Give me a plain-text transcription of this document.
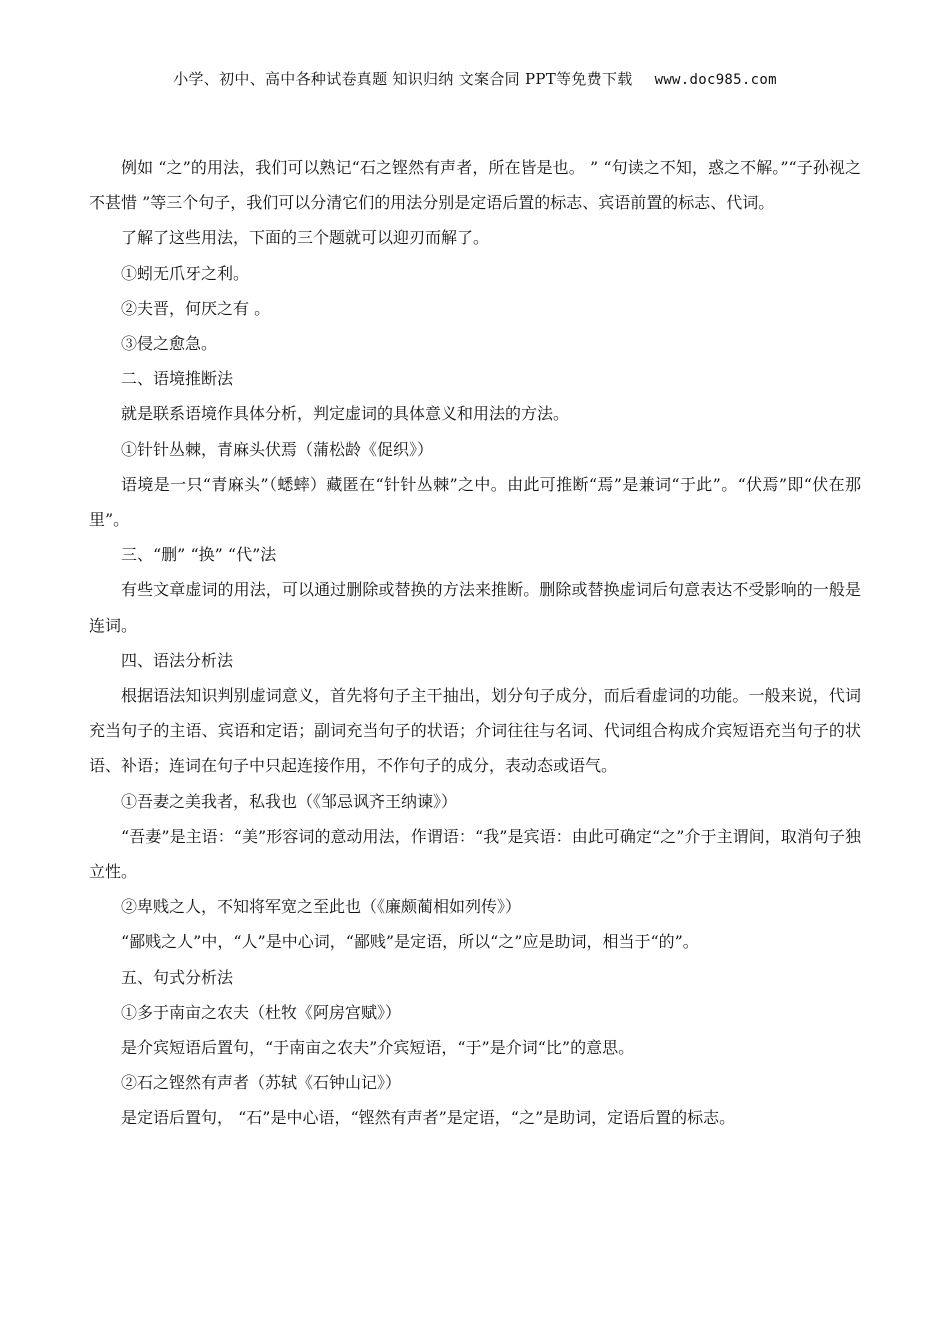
小学、初中、高中各种试卷真题 知识归纳 文案合同 PPT等免费下载 www.doc985.com

例如 “之”的用法，我们可以熟记“石之铿然有声者，所在皆是也。 ” “句读之不知，惑之不解。”“子孙视之不甚惜 ”等三个句子，我们可以分清它们的用法分别是定语后置的标志、宾语前置的标志、代词。

了解了这些用法，下面的三个题就可以迎刃而解了。

①蚓无爪牙之利。

②夫晋，何厌之有 。

③侵之愈急。

二、语境推断法

就是联系语境作具体分析，判定虚词的具体意义和用法的方法。

①针针丛棘，青麻头伏焉（蒲松龄《促织》）

语境是一只“青麻头”（蟋蟀）藏匿在“针针丛棘”之中。由此可推断“焉”是兼词“于此”。“伏焉”即“伏在那里”。

三、“删” “换” “代”法

有些文章虚词的用法，可以通过删除或替换的方法来推断。删除或替换虚词后句意表达不受影响的一般是连词。

四、语法分析法

根据语法知识判别虚词意义，首先将句子主干抽出，划分句子成分，而后看虚词的功能。一般来说，代词充当句子的主语、宾语和定语；副词充当句子的状语；介词往往与名词、代词组合构成介宾短语充当句子的状语、补语；连词在句子中只起连接作用，不作句子的成分，表动态或语气。

①吾妻之美我者，私我也（《邹忌讽齐王纳谏》）

“吾妻”是主语：“美”形容词的意动用法，作谓语：“我”是宾语：由此可确定“之”介于主谓间，取消句子独立性。

②卑贱之人，不知将军宽之至此也（《廉颇蔺相如列传》）

“鄙贱之人”中，“人”是中心词，“鄙贱”是定语，所以“之”应是助词，相当于“的”。

五、句式分析法

①多于南亩之农夫（杜牧《阿房宫赋》）

是介宾短语后置句，“于南亩之农夫”介宾短语，“于”是介词“比”的意思。

②石之铿然有声者（苏轼《石钟山记》）

是定语后置句， “石”是中心语，“铿然有声者”是定语，“之”是助词，定语后置的标志。
